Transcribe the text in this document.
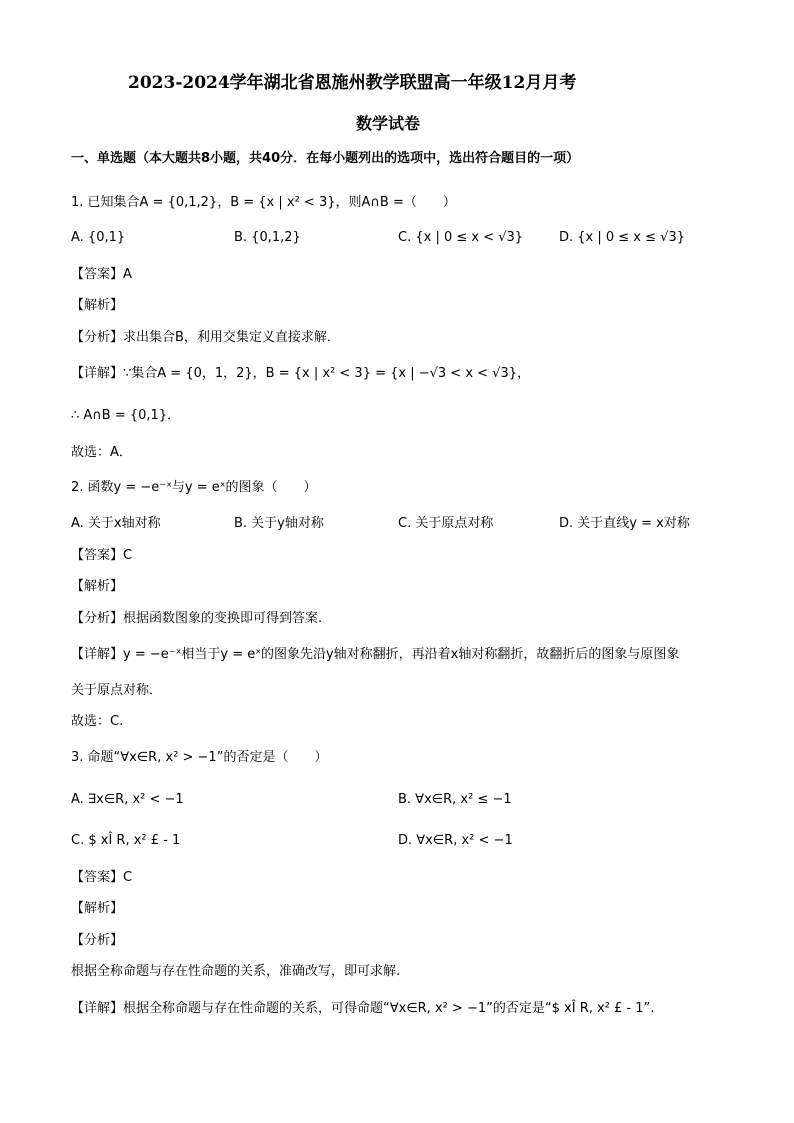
2023-2024学年湖北省恩施州教学联盟高一年级12月月考
数学试卷
一、单选题（本大题共8小题，共40分．在每小题列出的选项中，选出符合题目的一项）
1. 已知集合A = {0,1,2}，B = {x | x² < 3}，则A∩B =（　　）
A. {0,1}	B. {0,1,2}	C. {x | 0 ≤ x < √3}	D. {x | 0 ≤ x ≤ √3}
【答案】A
【解析】
【分析】求出集合B，利用交集定义直接求解．
【详解】∵集合A = {0，1，2}，B = {x | x² < 3} = {x | −√3 < x < √3}，
∴ A∩B = {0,1}．
故选：A．
2. 函数y = −e⁻ˣ与y = eˣ的图象（　　）
A. 关于x轴对称	B. 关于y轴对称	C. 关于原点对称	D. 关于直线y = x对称
【答案】C
【解析】
【分析】根据函数图象的变换即可得到答案.
【详解】y = −e⁻ˣ相当于y = eˣ的图象先沿y轴对称翻折，再沿着x轴对称翻折，故翻折后的图象与原图象
关于原点对称．
故选：C.
3. 命题“∀x∈R, x² > −1”的否定是（　　）
A. ∃x∈R, x² < −1	B. ∀x∈R, x² ≤ −1
C. $ xÎ R, x² £ - 1	D. ∀x∈R, x² < −1
【答案】C
【解析】
【分析】
根据全称命题与存在性命题的关系，准确改写，即可求解.
【详解】根据全称命题与存在性命题的关系，可得命题“∀x∈R, x² > −1”的否定是“$ xÎ R, x² £ - 1”.
